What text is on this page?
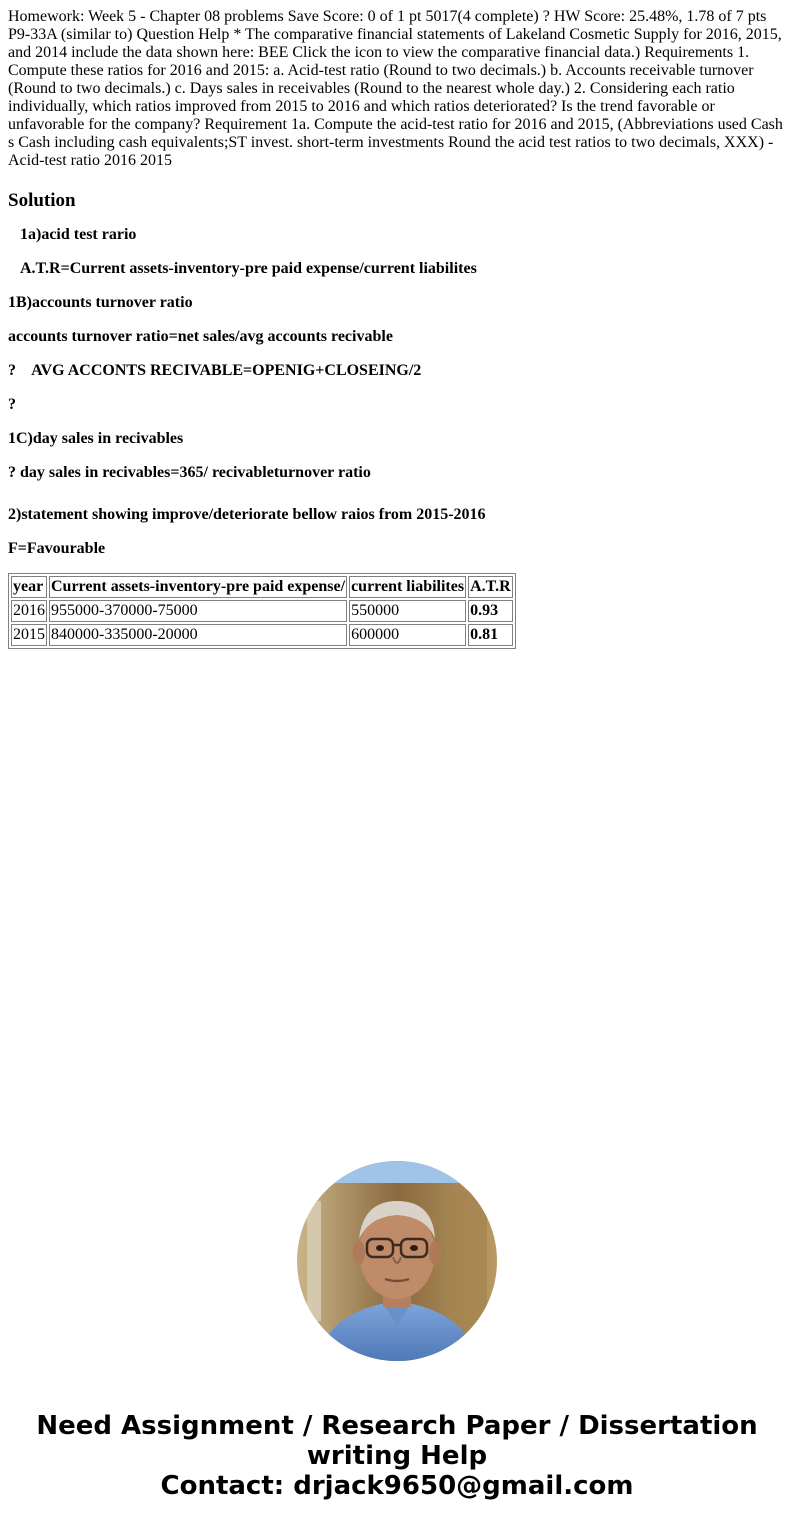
Homework: Week 5 - Chapter 08 problems Save Score: 0 of 1 pt 5017(4 complete) ? HW Score: 25.48%, 1.78 of 7 pts P9-33A (similar to) Question Help * The comparative financial statements of Lakeland Cosmetic Supply for 2016, 2015, and 2014 include the data shown here: BEE Click the icon to view the comparative financial data.) Requirements 1. Compute these ratios for 2016 and 2015: a. Acid-test ratio (Round to two decimals.) b. Accounts receivable turnover (Round to two decimals.) c. Days sales in receivables (Round to the nearest whole day.) 2. Considering each ratio individually, which ratios improved from 2015 to 2016 and which ratios deteriorated? Is the trend favorable or unfavorable for the company? Requirement 1a. Compute the acid-test ratio for 2016 and 2015, (Abbreviations used Cash s Cash including cash equivalents;ST invest. short-term investments Round the acid test ratios to two decimals, XXX) - Acid-test ratio 2016 2015
Solution

1a)acid test rario

A.T.R=Current assets-inventory-pre paid expense/current liabilites

1B)accounts turnover ratio

accounts turnover ratio=net sales/avg accounts recivable

?    AVG ACCONTS RECIVABLE=OPENIG+CLOSEING/2

?

1C)day sales in recivables

? day sales in recivables=365/ recivableturnover ratio

2)statement showing improve/deteriorate bellow raios from 2015-2016

F=Favourable

year	Current assets-inventory-pre paid expense/	current liabilites	A.T.R
2016	955000-370000-75000	550000	0.93
2015	840000-335000-20000	600000	0.81
Need Assignment / Research Paper / Dissertation
writing Help
Contact: drjack9650@gmail.com
